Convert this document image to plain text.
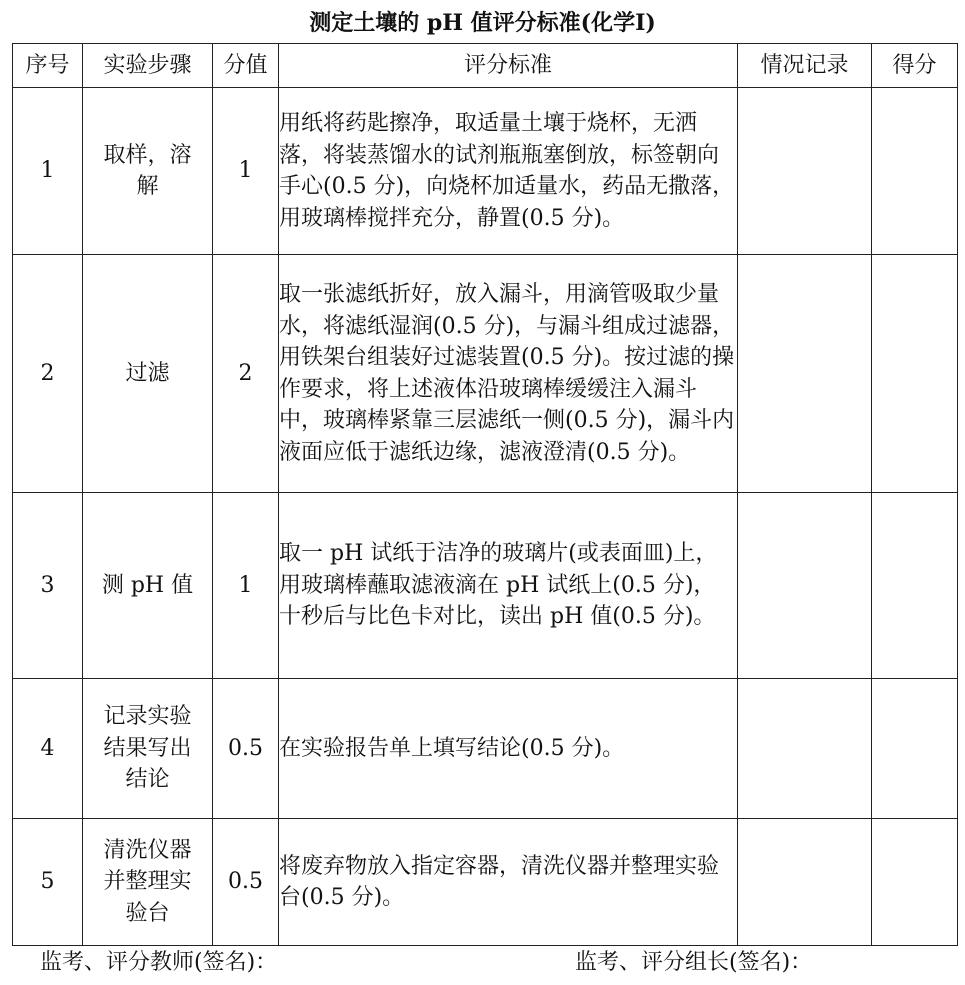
测定土壤的 pH 值评分标准(化学Ⅰ)
序号	实验步骤	分值	评分标准	情况记录	得分
1	取样，溶解	1	用纸将药匙擦净，取适量土壤于烧杯，无洒落，将装蒸馏水的试剂瓶瓶塞倒放，标签朝向手心(0.5 分)，向烧杯加适量水，药品无撒落，用玻璃棒搅拌充分，静置(0.5 分)。		
2	过滤	2	取一张滤纸折好，放入漏斗，用滴管吸取少量水，将滤纸湿润(0.5 分)，与漏斗组成过滤器，用铁架台组装好过滤装置(0.5 分)。按过滤的操作要求，将上述液体沿玻璃棒缓缓注入漏斗中，玻璃棒紧靠三层滤纸一侧(0.5 分)，漏斗内液面应低于滤纸边缘，滤液澄清(0.5 分)。		
3	测 pH 值	1	取一 pH 试纸于洁净的玻璃片(或表面皿)上，用玻璃棒蘸取滤液滴在 pH 试纸上(0.5 分)，十秒后与比色卡对比，读出 pH 值(0.5 分)。		
4	记录实验结果写出结论	0.5	在实验报告单上填写结论(0.5 分)。		
5	清洗仪器并整理实验台	0.5	将废弃物放入指定容器，清洗仪器并整理实验台(0.5 分)。		
监考、评分教师(签名)：	监考、评分组长(签名)：
